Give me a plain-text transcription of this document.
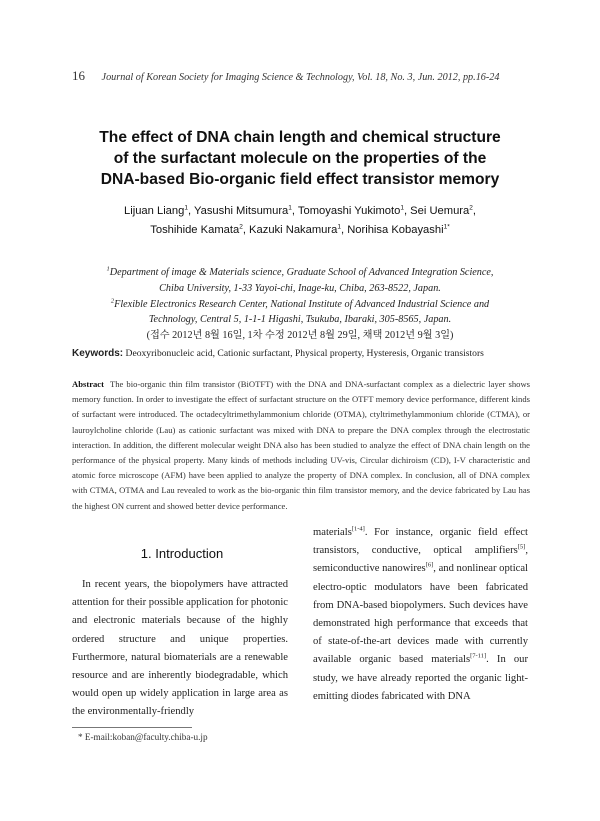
16 Journal of Korean Society for Imaging Science & Technology, Vol. 18, No. 3, Jun. 2012, pp.16-24
The effect of DNA chain length and chemical structure
of the surfactant molecule on the properties of the
DNA-based Bio-organic field effect transistor memory
Lijuan Liang$^1$, Yasushi Mitsumura$^1$, Tomoyashi Yukimoto$^1$, Sei Uemura$^2$,
Toshihide Kamata$^2$, Kazuki Nakamura$^1$, Norihisa Kobayashi$^{1*}$
$^1$Department of image & Materials science, Graduate School of Advanced Integration Science,
Chiba University, 1-33 Yayoi-chi, Inage-ku, Chiba, 263-8522, Japan.
$^2$Flexible Electronics Research Center, National Institute of Advanced Industrial Science and
Technology, Central 5, 1-1-1 Higashi, Tsukuba, Ibaraki, 305-8565, Japan.
(접수 2012년 8월 16일, 1차 수정 2012년 8월 29일, 채택 2012년 9월 3일)
Keywords: Deoxyribonucleic acid, Cationic surfactant, Physical property, Hysteresis, Organic transistors
Abstract The bio-organic thin film transistor (BiOTFT) with the DNA and DNA-surfactant complex as a dielectric layer shows memory function. In order to investigate the effect of surfactant structure on the OTFT memory device performance, different kinds of surfactant were introduced. The octadecyltrimethylammonium chloride (OTMA), ctyltrimethylammonium chloride (CTMA), or lauroylcholine chloride (Lau) as cationic surfactant was mixed with DNA to prepare the DNA complex through the electrostatic interaction. In addition, the different molecular weight DNA also has been studied to analyze the effect of DNA chain length on the performance of the physical property. Many kinds of methods including UV-vis, Circular dichiroism (CD), I-V characteristic and atomic force microscope (AFM) have been applied to analyze the property of DNA complex. In conclusion, all of DNA complex with CTMA, OTMA and Lau revealed to work as the bio-organic thin film transistor memory, and the device fabricated by Lau has the highest ON current and showed better device performance.
1. Introduction
In recent years, the biopolymers have attracted attention for their possible application for photonic and electronic materials because of the highly ordered structure and unique properties. Furthermore, natural biomaterials are a renewable resource and are inherently biodegradable, which would open up widely application in large area as the environmentally-friendly
materials[1-4]. For instance, organic field effect transistors, conductive, optical amplifiers[5], semiconductive nanowires[6], and nonlinear optical electro-optic modulators have been fabricated from DNA-based biopolymers. Such devices have demonstrated high performance that exceeds that of state-of-the-art devices made with currently available organic based materials[7-11]. In our study, we have already reported the organic light-emitting diodes fabricated with DNA
* E-mail:koban@faculty.chiba-u.jp
